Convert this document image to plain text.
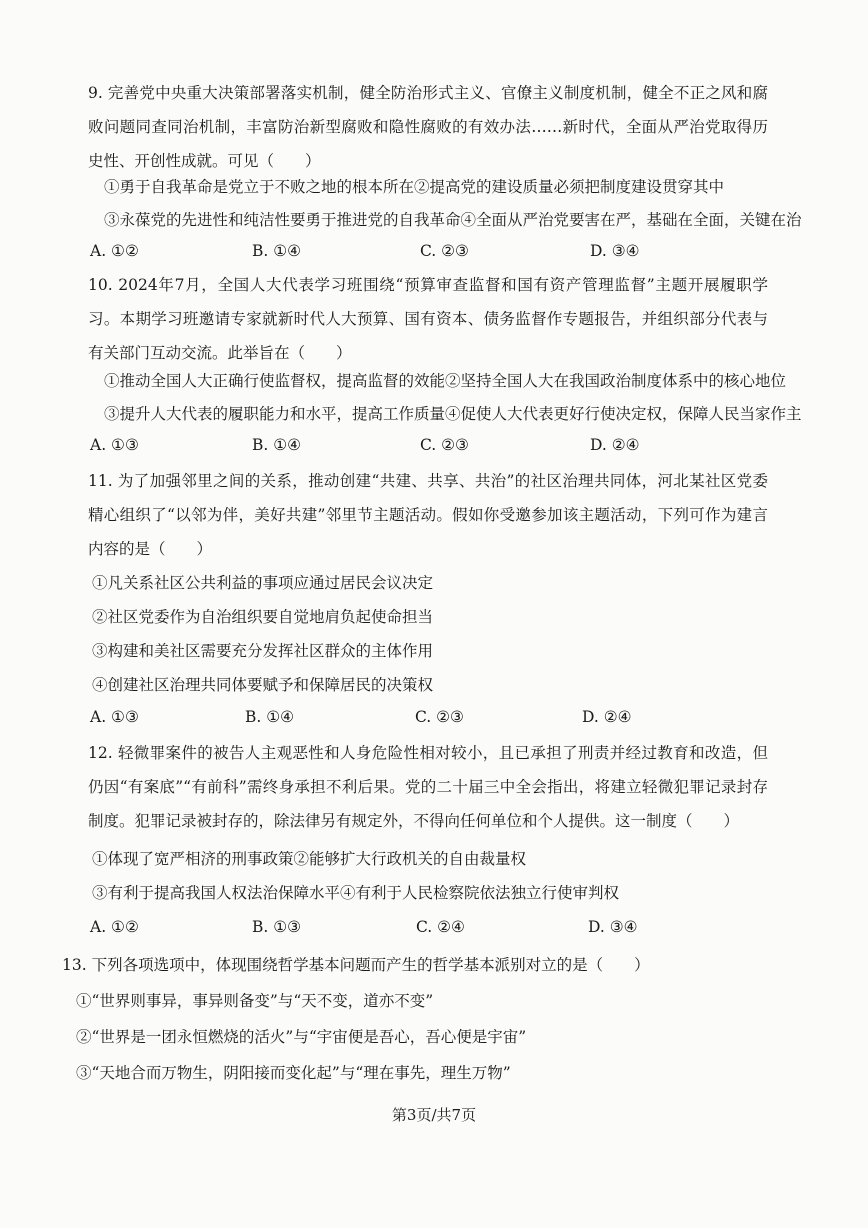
9. 完善党中央重大决策部署落实机制，健全防治形式主义、官僚主义制度机制，健全不正之风和腐败问题同查同治机制，丰富防治新型腐败和隐性腐败的有效办法……新时代，全面从严治党取得历史性、开创性成就。可见（　　）
①勇于自我革命是党立于不败之地的根本所在②提高党的建设质量必须把制度建设贯穿其中
③永葆党的先进性和纯洁性要勇于推进党的自我革命④全面从严治党要害在严，基础在全面，关键在治
A. ①②	B. ①④	C. ②③	D. ③④
10. 2024年7月，全国人大代表学习班围绕“预算审查监督和国有资产管理监督”主题开展履职学习。本期学习班邀请专家就新时代人大预算、国有资本、债务监督作专题报告，并组织部分代表与有关部门互动交流。此举旨在（　　）
①推动全国人大正确行使监督权，提高监督的效能②坚持全国人大在我国政治制度体系中的核心地位
③提升人大代表的履职能力和水平，提高工作质量④促使人大代表更好行使决定权，保障人民当家作主
A. ①③	B. ①④	C. ②③	D. ②④
11. 为了加强邻里之间的关系，推动创建“共建、共享、共治”的社区治理共同体，河北某社区党委精心组织了“以邻为伴，美好共建”邻里节主题活动。假如你受邀参加该主题活动，下列可作为建言内容的是（　　）
①凡关系社区公共利益的事项应通过居民会议决定
②社区党委作为自治组织要自觉地肩负起使命担当
③构建和美社区需要充分发挥社区群众的主体作用
④创建社区治理共同体要赋予和保障居民的决策权
A. ①③	B. ①④	C. ②③	D. ②④
12. 轻微罪案件的被告人主观恶性和人身危险性相对较小，且已承担了刑责并经过教育和改造，但仍因“有案底”“有前科”需终身承担不利后果。党的二十届三中全会指出，将建立轻微犯罪记录封存制度。犯罪记录被封存的，除法律另有规定外，不得向任何单位和个人提供。这一制度（　　）
①体现了宽严相济的刑事政策②能够扩大行政机关的自由裁量权
③有利于提高我国人权法治保障水平④有利于人民检察院依法独立行使审判权
A. ①②	B. ①③	C. ②④	D. ③④
13. 下列各项选项中，体现围绕哲学基本问题而产生的哲学基本派别对立的是（　　）
①“世界则事异，事异则备变”与“天不变，道亦不变”
②“世界是一团永恒燃烧的活火”与“宇宙便是吾心，吾心便是宇宙”
③“天地合而万物生，阴阳接而变化起”与“理在事先，理生万物”
第3页/共7页
